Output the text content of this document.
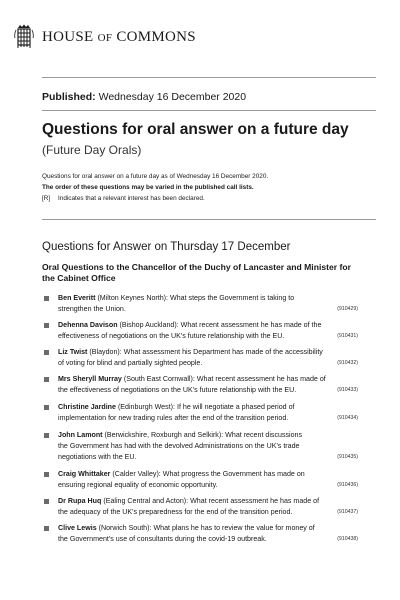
HOUSE OF COMMONS
Published: Wednesday 16 December 2020
Questions for oral answer on a future day
(Future Day Orals)
Questions for oral answer on a future day as of Wednesday 16 December 2020.
The order of these questions may be varied in the published call lists.
[R] Indicates that a relevant interest has been declared.
Questions for Answer on Thursday 17 December
Oral Questions to the Chancellor of the Duchy of Lancaster and Minister for the Cabinet Office
Ben Everitt (Milton Keynes North): What steps the Government is taking to
strengthen the Union.	(910429)
Dehenna Davison (Bishop Auckland): What recent assessment he has made of the
effectiveness of negotiations on the UK's future relationship with the EU.	(910431)
Liz Twist (Blaydon): What assessment his Department has made of the accessibility
of voting for blind and partially sighted people.	(910432)
Mrs Sheryll Murray (South East Cornwall): What recent assessment he has made of
the effectiveness of negotiations on the UK's future relationship with the EU.	(910433)
Christine Jardine (Edinburgh West): If he will negotiate a phased period of
implementation for new trading rules after the end of the transition period.	(910434)
John Lamont (Berwickshire, Roxburgh and Selkirk): What recent discussions
the Government has had with the devolved Administrations on the UK's trade
negotiations with the EU.	(910435)
Craig Whittaker (Calder Valley): What progress the Government has made on
ensuring regional equality of economic opportunity.	(910436)
Dr Rupa Huq (Ealing Central and Acton): What recent assessment he has made of
the adequacy of the UK's preparedness for the end of the transition period.	(910437)
Clive Lewis (Norwich South): What plans he has to review the value for money of
the Government's use of consultants during the covid-19 outbreak.	(910438)
